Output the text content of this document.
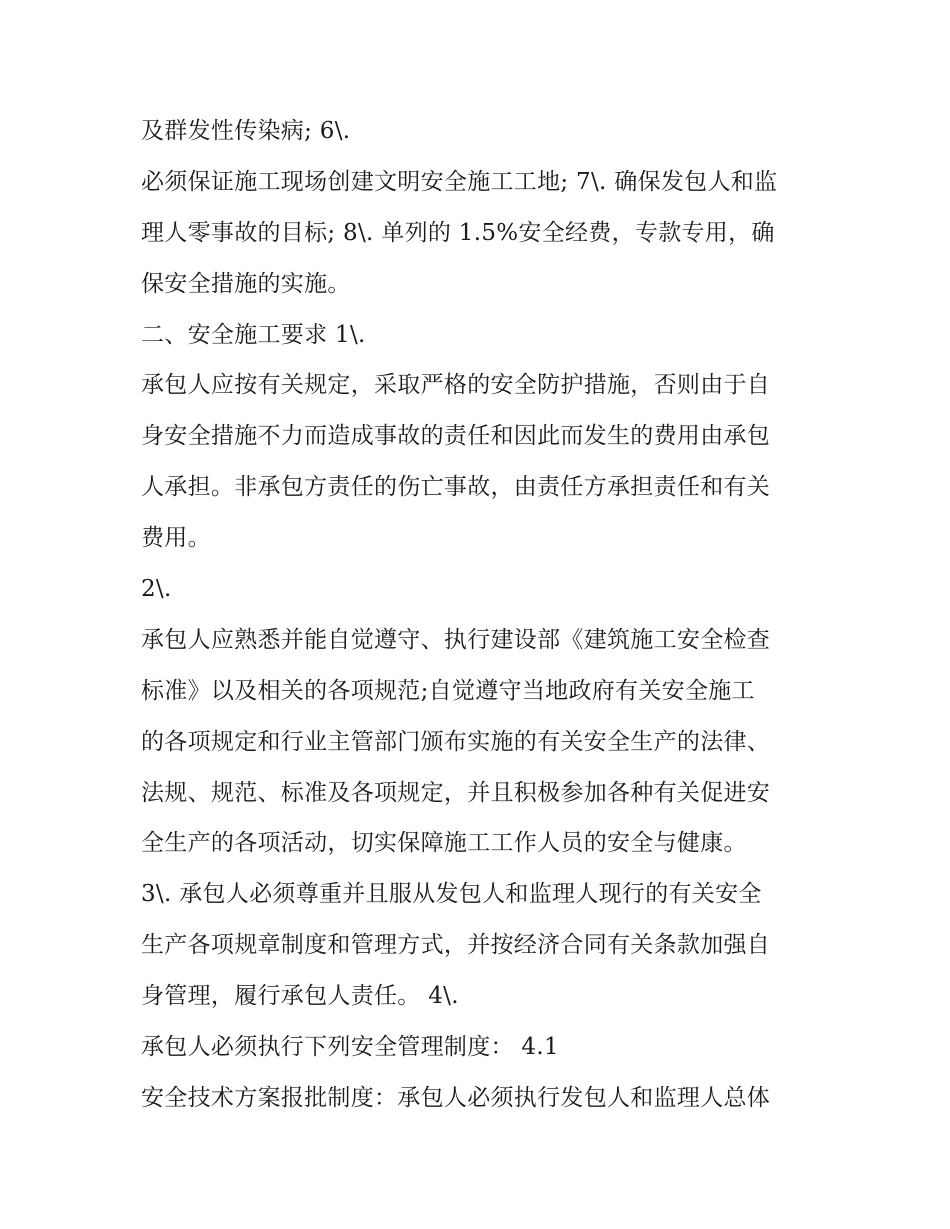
及群发性传染病; 6\.
必须保证施工现场创建文明安全施工工地; 7\. 确保发包人和监
理人零事故的目标; 8\. 单列的 1.5%安全经费，专款专用，确
保安全措施的实施。
二、安全施工要求 1\.
承包人应按有关规定，采取严格的安全防护措施，否则由于自
身安全措施不力而造成事故的责任和因此而发生的费用由承包
人承担。非承包方责任的伤亡事故，由责任方承担责任和有关
费用。
2\.
承包人应熟悉并能自觉遵守、执行建设部《建筑施工安全检查
标准》以及相关的各项规范;自觉遵守当地政府有关安全施工
的各项规定和行业主管部门颁布实施的有关安全生产的法律、
法规、规范、标准及各项规定，并且积极参加各种有关促进安
全生产的各项活动，切实保障施工工作人员的安全与健康。
3\. 承包人必须尊重并且服从发包人和监理人现行的有关安全
生产各项规章制度和管理方式，并按经济合同有关条款加强自
身管理，履行承包人责任。 4\.
承包人必须执行下列安全管理制度： 4.1
安全技术方案报批制度：承包人必须执行发包人和监理人总体
